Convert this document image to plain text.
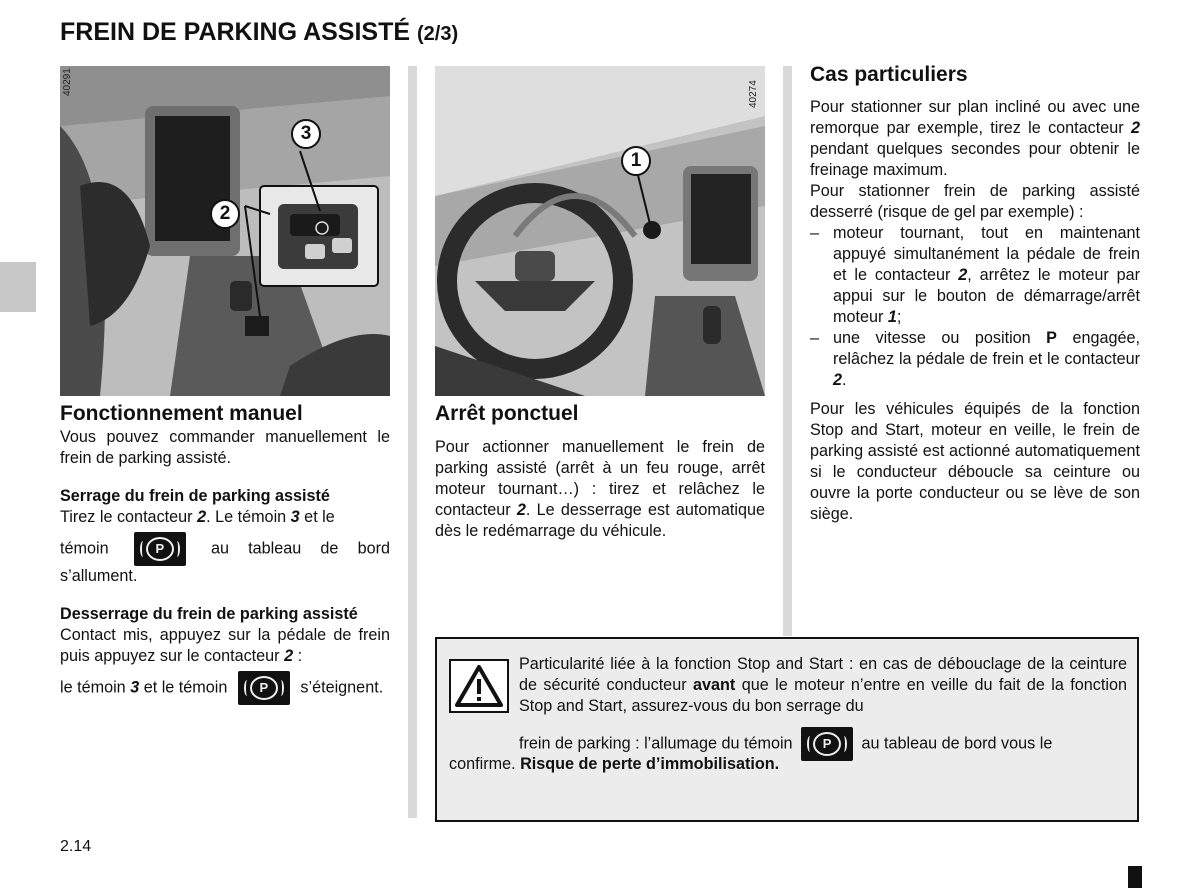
FREIN DE PARKING ASSISTÉ (2/3)
40291
3
2
40274
1
Fonctionnement manuel

Vous pouvez commander manuellement le frein de parking assisté.

Serrage du frein de parking assisté

Tirez le contacteur 2. Le témoin 3 et le

témoin	P	au tableau de bord s’allument.

Desserrage du frein de parking assisté

Contact mis, appuyez sur la pédale de frein puis appuyez sur le contacteur 2 :

le témoin 3 et le témoin	P	s’éteignent.

Arrêt ponctuel

Pour actionner manuellement le frein de parking assisté (arrêt à un feu rouge, arrêt moteur tournant…) : tirez et relâchez le contacteur 2. Le desserrage est automatique dès le redémarrage du véhicule.

Cas particuliers

Pour stationner sur plan incliné ou avec une remorque par exemple, tirez le contacteur 2 pendant quelques secondes pour obtenir le freinage maximum.

Pour stationner frein de parking assisté desserré (risque de gel par exemple) :

– moteur tournant, tout en maintenant appuyé simultanément la pédale de frein et le contacteur 2, arrêtez le moteur par appui sur le bouton de démarrage/arrêt moteur 1;
– une vitesse ou position P engagée, relâchez la pédale de frein et le contacteur 2.

Pour les véhicules équipés de la fonction Stop and Start, moteur en veille, le frein de parking assisté est actionné automatiquement si le conducteur déboucle sa ceinture ou ouvre la porte conducteur ou se lève de son siège.

Particularité liée à la fonction Stop and Start : en cas de débouclage de la ceinture de sécurité conducteur avant que le moteur n’entre en veille du fait de la fonction Stop and Start, assurez-vous du bon serrage du

frein de parking : l’allumage du témoin	P	au tableau de bord vous le
confirme. Risque de perte d’immobilisation.
2.14
